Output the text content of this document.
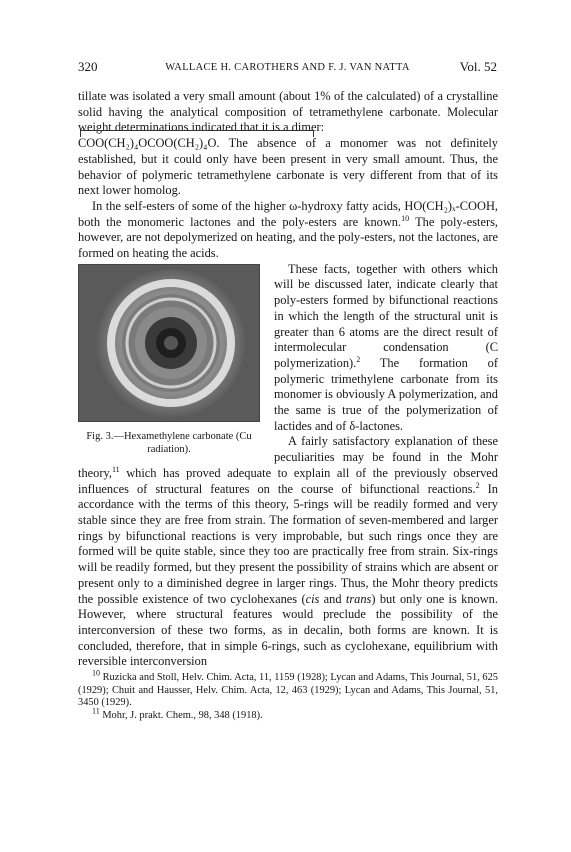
320	WALLACE H. CAROTHERS AND F. J. VAN NATTA	Vol. 52

tillate was isolated a very small amount (about 1% of the calculated) of a crystalline solid having the analytical composition of tetramethylene carbonate. Molecular weight determinations indicated that it is a dimer:

COO(CH₂)₄OCOO(CH₂)₄O. The absence of a monomer was not definitely established, but it could only have been present in very small amount. Thus, the behavior of polymeric tetramethylene carbonate is very different from that of its next lower homolog.

In the self-esters of some of the higher ω-hydroxy fatty acids, HO(CH₂)ₓ-COOH, both the monomeric lactones and the poly-esters are known.$^{10}$ The poly-esters, however, are not depolymerized on heating, and the poly-esters, not the lactones, are formed on heating the acids.

Fig. 3.—Hexamethylene carbonate (Cu radiation).

These facts, together with others which will be discussed later, indicate clearly that poly-esters formed by bifunctional reactions in which the length of the structural unit is greater than 6 atoms are the direct result of intermolecular condensation (C polymerization).$^2$ The formation of polymeric trimethylene carbonate from its monomer is obviously A polymerization, and the same is true of the polymerization of lactides and of δ-lactones.

A fairly satisfactory explanation of these peculiarities may be found in the Mohr theory,$^{11}$ which has proved adequate to explain all of the previously observed influences of structural features on the course of bifunctional reactions.$^2$ In accordance with the terms of this theory, 5-rings will be readily formed and very stable since they are free from strain. The formation of seven-membered and larger rings by bifunctional reactions is very improbable, but such rings once they are formed will be quite stable, since they too are practically free from strain. Six-rings will be readily formed, but they present the possibility of strains which are absent or present only to a diminished degree in larger rings. Thus, the Mohr theory predicts the possible existence of two cyclohexanes (cis and trans) but only one is known. However, where structural features would preclude the possibility of the interconversion of these two forms, as in decalin, both forms are known. It is concluded, therefore, that in simple 6-rings, such as cyclohexane, equilibrium with reversible interconversion

$^{10}$ Ruzicka and Stoll, Helv. Chim. Acta, 11, 1159 (1928); Lycan and Adams, This Journal, 51, 625 (1929); Chuit and Hausser, Helv. Chim. Acta, 12, 463 (1929); Lycan and Adams, This Journal, 51, 3450 (1929).

$^{11}$ Mohr, J. prakt. Chem., 98, 348 (1918).
